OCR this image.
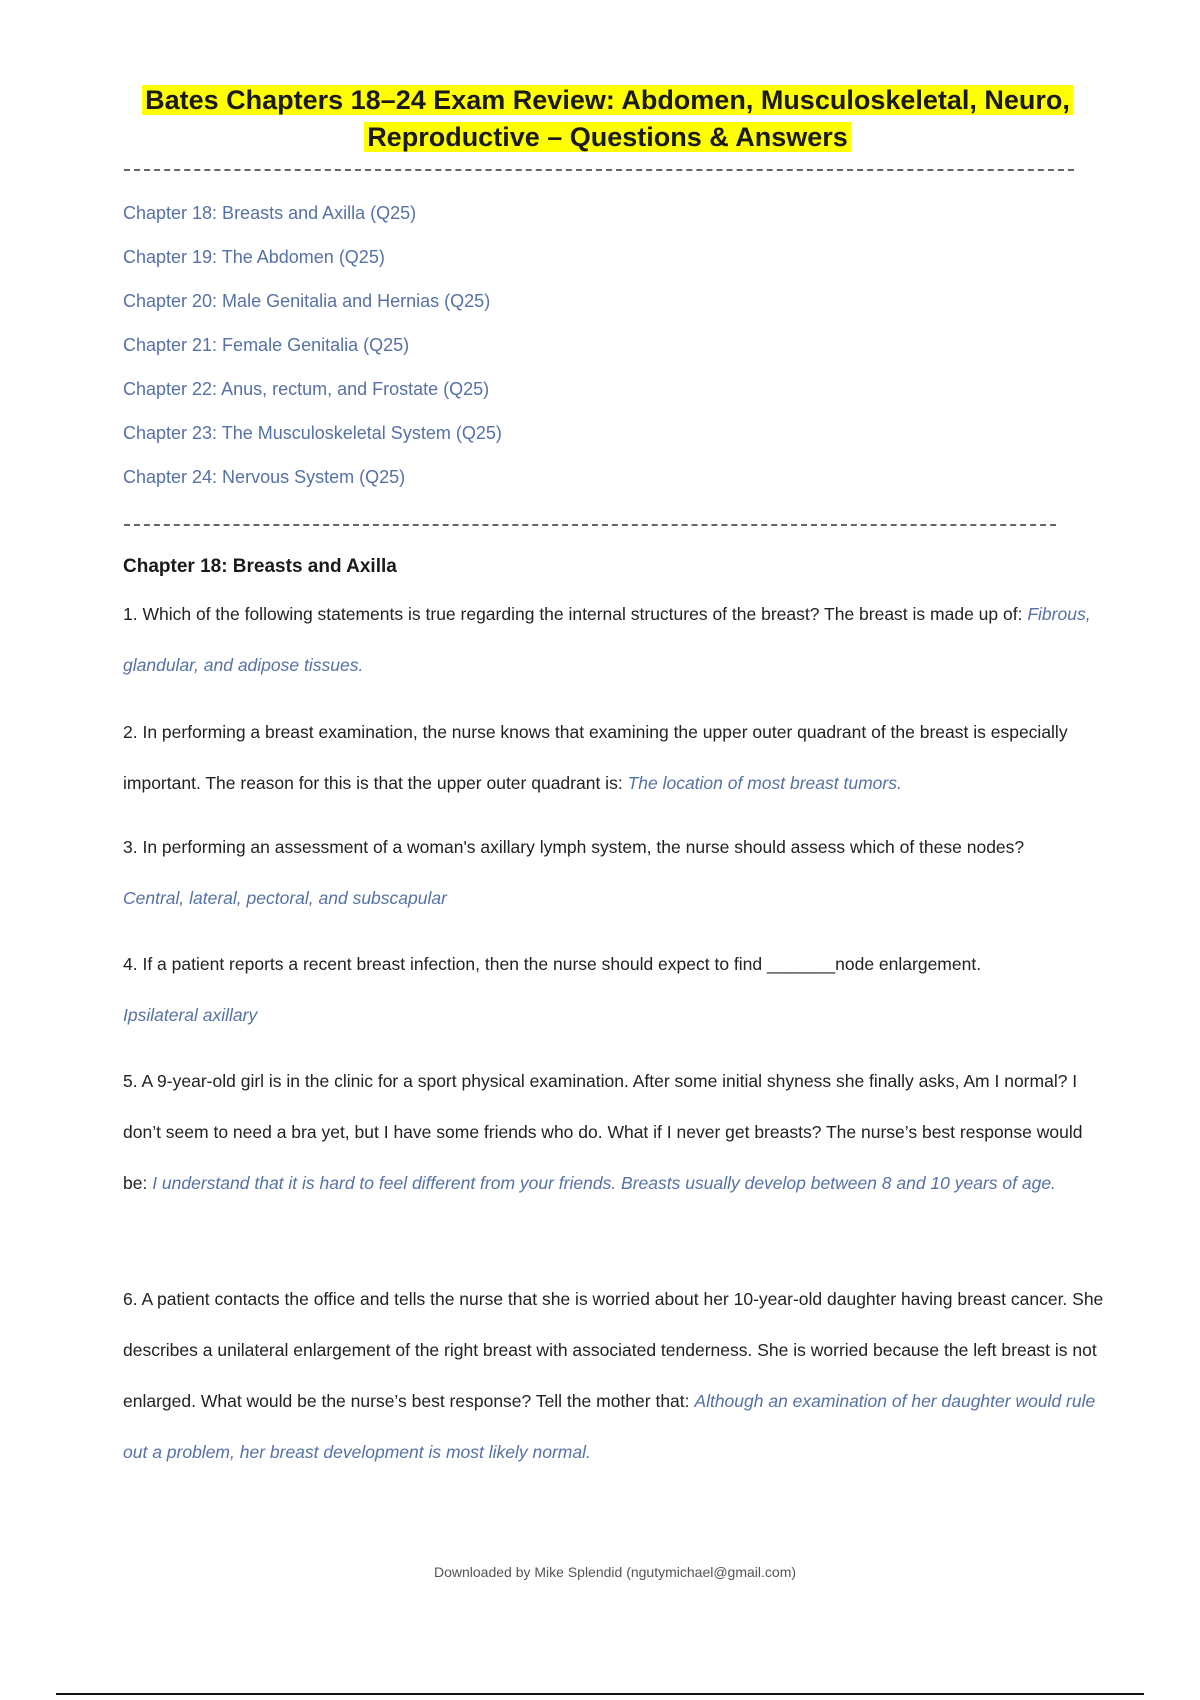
Bates Chapters 18–24 Exam Review: Abdomen, Musculoskeletal, Neuro,
Reproductive – Questions & Answers
Chapter 18: Breasts and Axilla (Q25)
Chapter 19: The Abdomen (Q25)
Chapter 20: Male Genitalia and Hernias (Q25)
Chapter 21: Female Genitalia (Q25)
Chapter 22: Anus, rectum, and Frostate (Q25)
Chapter 23: The Musculoskeletal System (Q25)
Chapter 24: Nervous System (Q25)
Chapter 18: Breasts and Axilla
1. Which of the following statements is true regarding the internal structures of the breast? The breast is made up of: Fibrous, glandular, and adipose tissues.
2. In performing a breast examination, the nurse knows that examining the upper outer quadrant of the breast is especially important. The reason for this is that the upper outer quadrant is: The location of most breast tumors.
3. In performing an assessment of a woman's axillary lymph system, the nurse should assess which of these nodes?
Central, lateral, pectoral, and subscapular
4. If a patient reports a recent breast infection, then the nurse should expect to find _______node enlargement.
Ipsilateral axillary
5. A 9-year-old girl is in the clinic for a sport physical examination. After some initial shyness she finally asks, Am I normal? I don’t seem to need a bra yet, but I have some friends who do. What if I never get breasts? The nurse’s best response would be: I understand that it is hard to feel different from your friends. Breasts usually develop between 8 and 10 years of age.
6. A patient contacts the office and tells the nurse that she is worried about her 10-year-old daughter having breast cancer. She describes a unilateral enlargement of the right breast with associated tenderness. She is worried because the left breast is not enlarged. What would be the nurse’s best response? Tell the mother that: Although an examination of her daughter would rule out a problem, her breast development is most likely normal.
Downloaded by Mike Splendid (ngutymichael@gmail.com)
